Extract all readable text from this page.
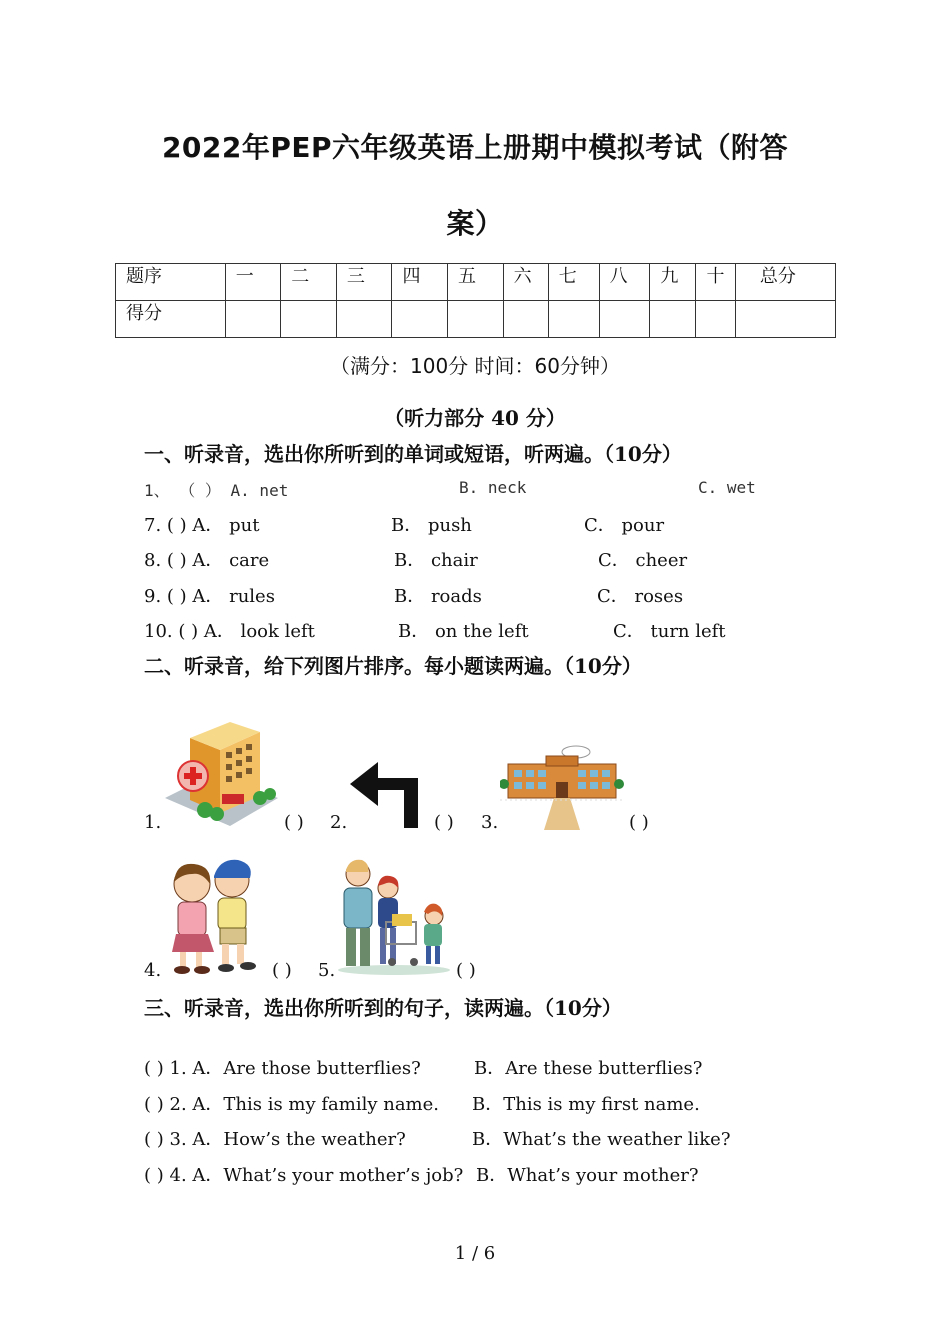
2022年PEP六年级英语上册期中模拟考试（附答
案）
题序	一	二	三	四	五	六	七	八	九	十	总分
得分											
（满分：100分 时间：60分钟）
（听力部分 40 分）
一、听录音，选出你所听到的单词或短语，听两遍。（10分）
1、 （ ） A. net	B. neck	C. wet
7. ( ) A． put	B． push	C． pour
8. ( ) A． care	B． chair	C． cheer
9. ( ) A． rules	B． roads	C． roses
10. ( ) A． look left	B． on the left	C． turn left
二、听录音，给下列图片排序。每小题读两遍。（10分）
1.	( ) 2.	( ) 3.	( )
4.	( ) 5.	( )
三、听录音，选出你所听到的句子，读两遍。（10分）
( ) 1. A．Are those butterflies?	B．Are these butterflies?
( ) 2. A．This is my family name. B．This is my first name.
( ) 3. A．How’s the weather?	B．What’s the weather like?
( ) 4. A．What’s your mother’s job? B．What’s your mother?
1 / 6
